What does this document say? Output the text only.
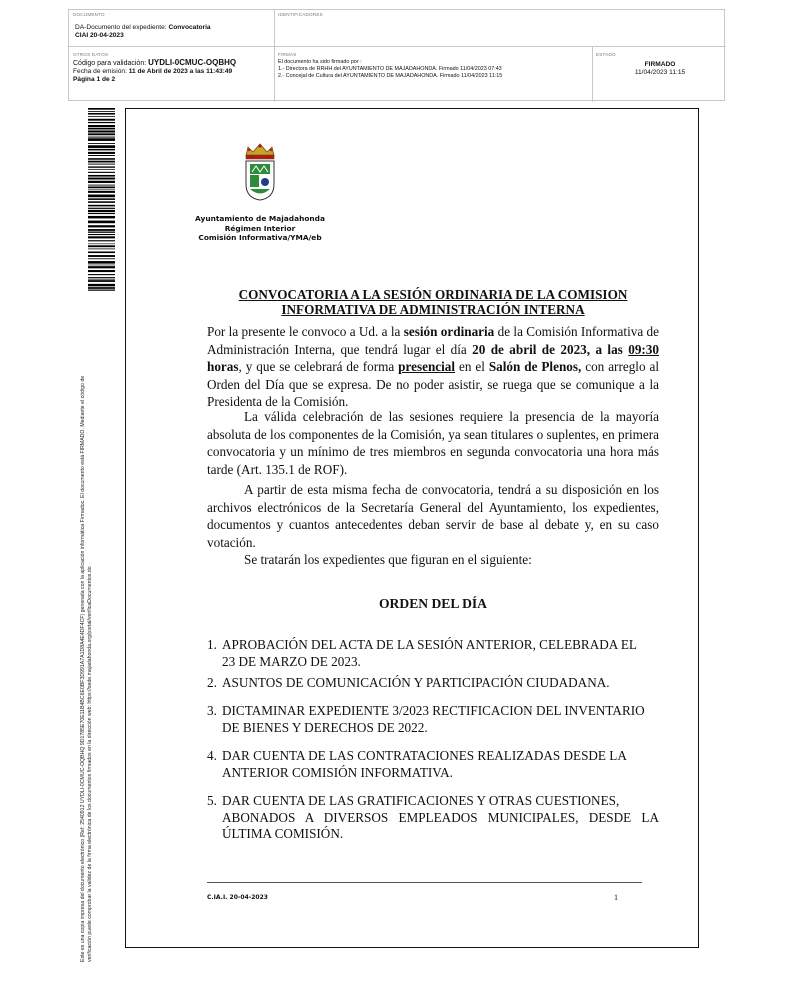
DOCUMENTO
DA-Documento del expediente: Convocatoria
CIAI 20-04-2023
IDENTIFICADORES
OTROS DATOS
Código para validación: UYDLI-0CMUC-OQBHQ
Fecha de emisión: 11 de Abril de 2023 a las 11:43:49
Página 1 de 2
FIRMAS
El documento ha sido firmado por :
1.- Directora de RRHH del AYUNTAMIENTO DE MAJADAHONDA. Firmado 11/04/2023 07:43
2.- Concejal de Cultura del AYUNTAMIENTO DE MAJADAHONDA. Firmado 11/04/2023 11:15
ESTADO
FIRMADO
11/04/2023 11:15
Este es una copia impresa del documento electrónico (Ref: 2540912 UYDLI-0CMUC-OQBHQ 9D1785E70E11B4BC6E0BF3D991A7A1D8A4E4DF4CF) generada con la aplicación informática Firmadoc. El documento está FIRMADO. Mediante el código de verificación puede comprobar la validez de la firma electrónica de los documentos firmados en la dirección web: https://sede.majadahonda.org/portal/verificaDocumentos.do
Ayuntamiento de Majadahonda
Régimen Interior
Comisión Informativa/YMA/eb
CONVOCATORIA A LA SESIÓN ORDINARIA DE LA COMISION INFORMATIVA DE ADMINISTRACIÓN INTERNA
Por la presente le convoco a Ud. a la sesión ordinaria de la Comisión Informativa de Administración Interna, que tendrá lugar el día 20 de abril de 2023, a las 09:30 horas, y que se celebrará de forma presencial en el Salón de Plenos, con arreglo al Orden del Día que se expresa. De no poder asistir, se ruega que se comunique a la Presidenta de la Comisión.
La válida celebración de las sesiones requiere la presencia de la mayoría absoluta de los componentes de la Comisión, ya sean titulares o suplentes, en primera convocatoria y un mínimo de tres miembros en segunda convocatoria una hora más tarde (Art. 135.1 de ROF).
A partir de esta misma fecha de convocatoria, tendrá a su disposición en los archivos electrónicos de la Secretaría General del Ayuntamiento, los expedientes, documentos y cuantos antecedentes deban servir de base al debate y, en su caso votación.
Se tratarán los expedientes que figuran en el siguiente:
ORDEN DEL DÍA
1. APROBACIÓN DEL ACTA DE LA SESIÓN ANTERIOR, CELEBRADA EL
23 DE MARZO DE 2023.
2. ASUNTOS DE COMUNICACIÓN Y PARTICIPACIÓN CIUDADANA.
3. DICTAMINAR EXPEDIENTE 3/2023 RECTIFICACION DEL INVENTARIO
DE BIENES Y DERECHOS DE 2022.
4. DAR CUENTA DE LAS CONTRATACIONES REALIZADAS DESDE LA
ANTERIOR COMISIÓN INFORMATIVA.
5. DAR CUENTA DE LAS GRATIFICACIONES Y OTRAS CUESTIONES,
ABONADOS A DIVERSOS EMPLEADOS MUNICIPALES, DESDE LA ÚLTIMA COMISIÓN.
C.IA.I. 20-04-2023	1
